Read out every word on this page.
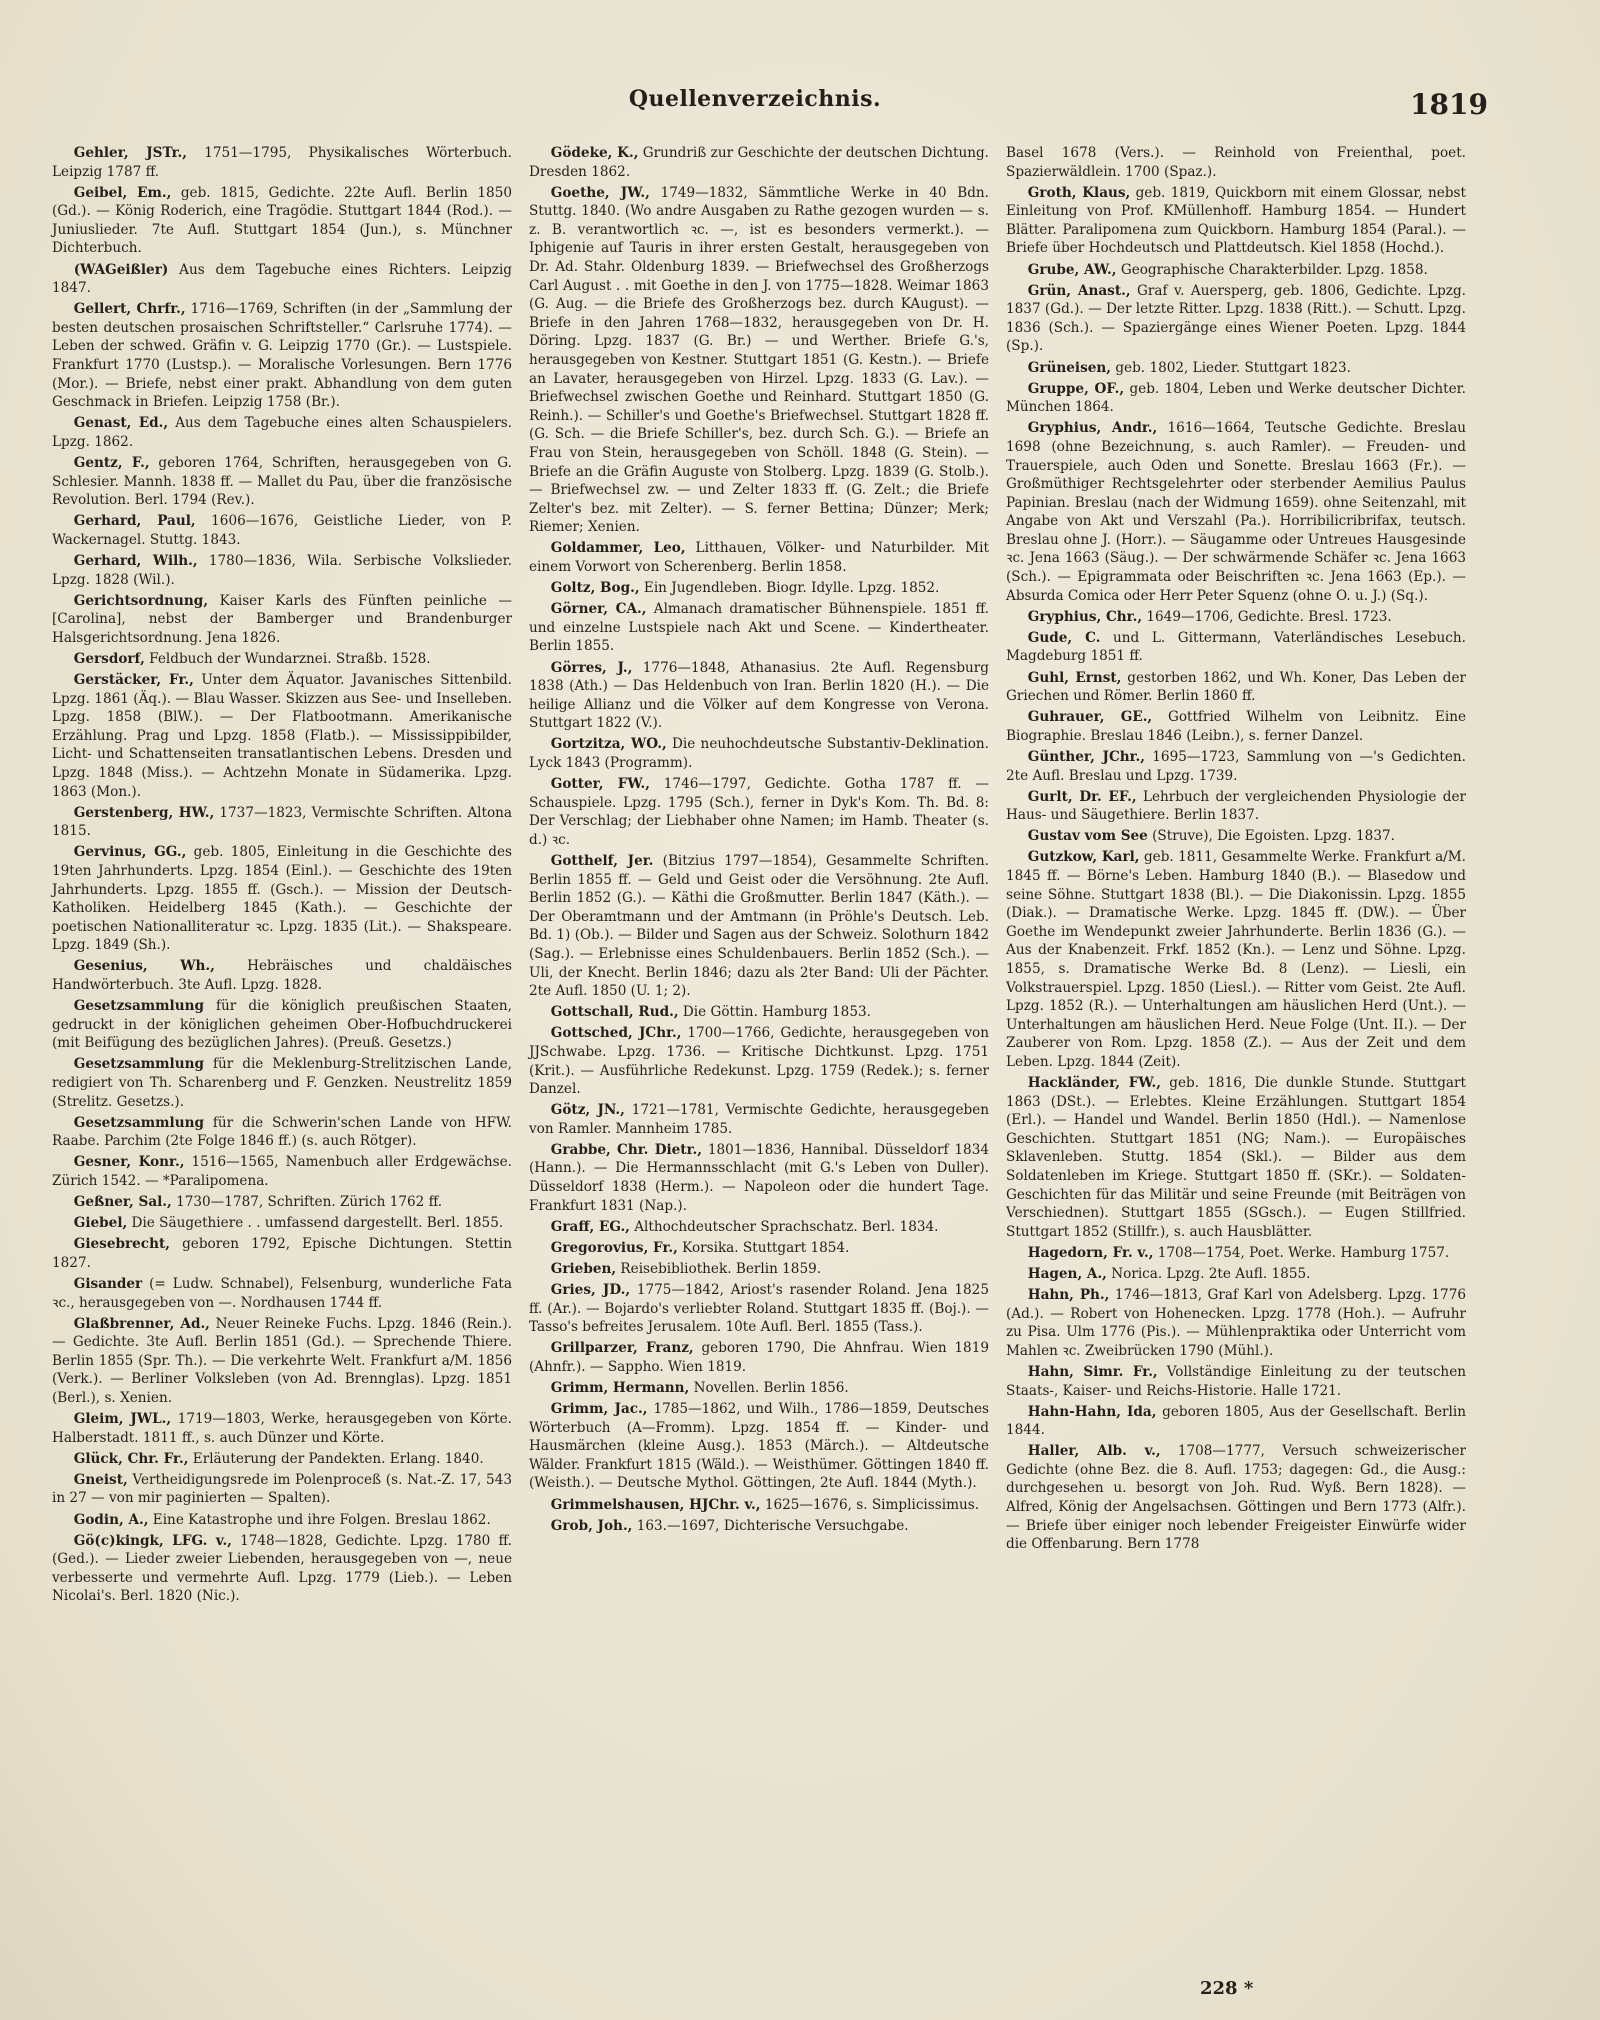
Quellenverzeichnis.	1819

Gehler, JSTr., 1751—1795, Physikalisches Wörterbuch. Leipzig 1787 ff.

Geibel, Em., geb. 1815, Gedichte. 22te Aufl. Berlin 1850 (Gd.). — König Roderich, eine Tragödie. Stuttgart 1844 (Rod.). — Juniuslieder. 7te Aufl. Stuttgart 1854 (Jun.), s. Münchner Dichterbuch.

(WAGeißler) Aus dem Tagebuche eines Richters. Leipzig 1847.

Gellert, Chrfr., 1716—1769, Schriften (in der „Sammlung der besten deutschen prosaischen Schriftsteller.“ Carlsruhe 1774). — Leben der schwed. Gräfin v. G. Leipzig 1770 (Gr.). — Lustspiele. Frankfurt 1770 (Lustsp.). — Moralische Vorlesungen. Bern 1776 (Mor.). — Briefe, nebst einer prakt. Abhandlung von dem guten Geschmack in Briefen. Leipzig 1758 (Br.).

Genast, Ed., Aus dem Tagebuche eines alten Schauspielers. Lpzg. 1862.

Gentz, F., geboren 1764, Schriften, herausgegeben von G. Schlesier. Mannh. 1838 ff. — Mallet du Pau, über die französische Revolution. Berl. 1794 (Rev.).

Gerhard, Paul, 1606—1676, Geistliche Lieder, von P. Wackernagel. Stuttg. 1843.

Gerhard, Wilh., 1780—1836, Wila. Serbische Volkslieder. Lpzg. 1828 (Wil.).

Gerichtsordnung, Kaiser Karls des Fünften peinliche — [Carolina], nebst der Bamberger und Brandenburger Halsgerichtsordnung. Jena 1826.

Gersdorf, Feldbuch der Wundarznei. Straßb. 1528.

Gerstäcker, Fr., Unter dem Äquator. Javanisches Sittenbild. Lpzg. 1861 (Äq.). — Blau Wasser. Skizzen aus See- und Inselleben. Lpzg. 1858 (BlW.). — Der Flatbootmann. Amerikanische Erzählung. Prag und Lpzg. 1858 (Flatb.). — Mississippibilder, Licht- und Schattenseiten transatlantischen Lebens. Dresden und Lpzg. 1848 (Miss.). — Achtzehn Monate in Südamerika. Lpzg. 1863 (Mon.).

Gerstenberg, HW., 1737—1823, Vermischte Schriften. Altona 1815.

Gervinus, GG., geb. 1805, Einleitung in die Geschichte des 19ten Jahrhunderts. Lpzg. 1854 (Einl.). — Geschichte des 19ten Jahrhunderts. Lpzg. 1855 ff. (Gsch.). — Mission der Deutsch-Katholiken. Heidelberg 1845 (Kath.). — Geschichte der poetischen Nationalliteratur ꝛc. Lpzg. 1835 (Lit.). — Shakspeare. Lpzg. 1849 (Sh.).

Gesenius, Wh., Hebräisches und chaldäisches Handwörterbuch. 3te Aufl. Lpzg. 1828.

Gesetzsammlung für die königlich preußischen Staaten, gedruckt in der königlichen geheimen Ober-Hofbuchdruckerei (mit Beifügung des bezüglichen Jahres). (Preuß. Gesetzs.)

Gesetzsammlung für die Meklenburg-Strelitzischen Lande, redigiert von Th. Scharenberg und F. Genzken. Neustrelitz 1859 (Strelitz. Gesetzs.).

Gesetzsammlung für die Schwerin'schen Lande von HFW. Raabe. Parchim (2te Folge 1846 ff.) (s. auch Rötger).

Gesner, Konr., 1516—1565, Namenbuch aller Erdgewächse. Zürich 1542. — *Paralipomena.

Geßner, Sal., 1730—1787, Schriften. Zürich 1762 ff.

Giebel, Die Säugethiere . . umfassend dargestellt. Berl. 1855.

Giesebrecht, geboren 1792, Epische Dichtungen. Stettin 1827.

Gisander (= Ludw. Schnabel), Felsenburg, wunderliche Fata ꝛc., herausgegeben von —. Nordhausen 1744 ff.

Glaßbrenner, Ad., Neuer Reineke Fuchs. Lpzg. 1846 (Rein.). — Gedichte. 3te Aufl. Berlin 1851 (Gd.). — Sprechende Thiere. Berlin 1855 (Spr. Th.). — Die verkehrte Welt. Frankfurt a/M. 1856 (Verk.). — Berliner Volksleben (von Ad. Brennglas). Lpzg. 1851 (Berl.), s. Xenien.

Gleim, JWL., 1719—1803, Werke, herausgegeben von Körte. Halberstadt. 1811 ff., s. auch Dünzer und Körte.

Glück, Chr. Fr., Erläuterung der Pandekten. Erlang. 1840.

Gneist, Vertheidigungsrede im Polenproceß (s. Nat.-Z. 17, 543 in 27 — von mir paginierten — Spalten).

Godin, A., Eine Katastrophe und ihre Folgen. Breslau 1862.

Gö(c)kingk, LFG. v., 1748—1828, Gedichte. Lpzg. 1780 ff. (Ged.). — Lieder zweier Liebenden, herausgegeben von —, neue verbesserte und vermehrte Aufl. Lpzg. 1779 (Lieb.). — Leben Nicolai's. Berl. 1820 (Nic.).

Gödeke, K., Grundriß zur Geschichte der deutschen Dichtung. Dresden 1862.

Goethe, JW., 1749—1832, Sämmtliche Werke in 40 Bdn. Stuttg. 1840. (Wo andre Ausgaben zu Rathe gezogen wurden — s. z. B. verantwortlich ꝛc. —, ist es besonders vermerkt.). — Iphigenie auf Tauris in ihrer ersten Gestalt, herausgegeben von Dr. Ad. Stahr. Oldenburg 1839. — Briefwechsel des Großherzogs Carl August . . mit Goethe in den J. von 1775—1828. Weimar 1863 (G. Aug. — die Briefe des Großherzogs bez. durch KAugust). — Briefe in den Jahren 1768—1832, herausgegeben von Dr. H. Döring. Lpzg. 1837 (G. Br.) — und Werther. Briefe G.'s, herausgegeben von Kestner. Stuttgart 1851 (G. Kestn.). — Briefe an Lavater, herausgegeben von Hirzel. Lpzg. 1833 (G. Lav.). — Briefwechsel zwischen Goethe und Reinhard. Stuttgart 1850 (G. Reinh.). — Schiller's und Goethe's Briefwechsel. Stuttgart 1828 ff. (G. Sch. — die Briefe Schiller's, bez. durch Sch. G.). — Briefe an Frau von Stein, herausgegeben von Schöll. 1848 (G. Stein). — Briefe an die Gräfin Auguste von Stolberg. Lpzg. 1839 (G. Stolb.). — Briefwechsel zw. — und Zelter 1833 ff. (G. Zelt.; die Briefe Zelter's bez. mit Zelter). — S. ferner Bettina; Dünzer; Merk; Riemer; Xenien.

Goldammer, Leo, Litthauen, Völker- und Naturbilder. Mit einem Vorwort von Scherenberg. Berlin 1858.

Goltz, Bog., Ein Jugendleben. Biogr. Idylle. Lpzg. 1852.

Görner, CA., Almanach dramatischer Bühnenspiele. 1851 ff. und einzelne Lustspiele nach Akt und Scene. — Kindertheater. Berlin 1855.

Görres, J., 1776—1848, Athanasius. 2te Aufl. Regensburg 1838 (Ath.) — Das Heldenbuch von Iran. Berlin 1820 (H.). — Die heilige Allianz und die Völker auf dem Kongresse von Verona. Stuttgart 1822 (V.).

Gortzitza, WO., Die neuhochdeutsche Substantiv-Deklination. Lyck 1843 (Programm).

Gotter, FW., 1746—1797, Gedichte. Gotha 1787 ff. — Schauspiele. Lpzg. 1795 (Sch.), ferner in Dyk's Kom. Th. Bd. 8: Der Verschlag; der Liebhaber ohne Namen; im Hamb. Theater (s. d.) ꝛc.

Gotthelf, Jer. (Bitzius 1797—1854), Gesammelte Schriften. Berlin 1855 ff. — Geld und Geist oder die Versöhnung. 2te Aufl. Berlin 1852 (G.). — Käthi die Großmutter. Berlin 1847 (Käth.). — Der Oberamtmann und der Amtmann (in Pröhle's Deutsch. Leb. Bd. 1) (Ob.). — Bilder und Sagen aus der Schweiz. Solothurn 1842 (Sag.). — Erlebnisse eines Schuldenbauers. Berlin 1852 (Sch.). — Uli, der Knecht. Berlin 1846; dazu als 2ter Band: Uli der Pächter. 2te Aufl. 1850 (U. 1; 2).

Gottschall, Rud., Die Göttin. Hamburg 1853.

Gottsched, JChr., 1700—1766, Gedichte, herausgegeben von JJSchwabe. Lpzg. 1736. — Kritische Dichtkunst. Lpzg. 1751 (Krit.). — Ausführliche Redekunst. Lpzg. 1759 (Redek.); s. ferner Danzel.

Götz, JN., 1721—1781, Vermischte Gedichte, herausgegeben von Ramler. Mannheim 1785.

Grabbe, Chr. Dietr., 1801—1836, Hannibal. Düsseldorf 1834 (Hann.). — Die Hermannsschlacht (mit G.'s Leben von Duller). Düsseldorf 1838 (Herm.). — Napoleon oder die hundert Tage. Frankfurt 1831 (Nap.).

Graff, EG., Althochdeutscher Sprachschatz. Berl. 1834.

Gregorovius, Fr., Korsika. Stuttgart 1854.

Grieben, Reisebibliothek. Berlin 1859.

Gries, JD., 1775—1842, Ariost's rasender Roland. Jena 1825 ff. (Ar.). — Bojardo's verliebter Roland. Stuttgart 1835 ff. (Boj.). — Tasso's befreites Jerusalem. 10te Aufl. Berl. 1855 (Tass.).

Grillparzer, Franz, geboren 1790, Die Ahnfrau. Wien 1819 (Ahnfr.). — Sappho. Wien 1819.

Grimm, Hermann, Novellen. Berlin 1856.

Grimm, Jac., 1785—1862, und Wilh., 1786—1859, Deutsches Wörterbuch (A—Fromm). Lpzg. 1854 ff. — Kinder- und Hausmärchen (kleine Ausg.). 1853 (Märch.). — Altdeutsche Wälder. Frankfurt 1815 (Wäld.). — Weisthümer. Göttingen 1840 ff. (Weisth.). — Deutsche Mythol. Göttingen, 2te Aufl. 1844 (Myth.).

Grimmelshausen, HJChr. v., 1625—1676, s. Simplicissimus.

Grob, Joh., 163.—1697, Dichterische Versuchgabe.

Basel 1678 (Vers.). — Reinhold von Freienthal, poet. Spazierwäldlein. 1700 (Spaz.).

Groth, Klaus, geb. 1819, Quickborn mit einem Glossar, nebst Einleitung von Prof. KMüllenhoff. Hamburg 1854. — Hundert Blätter. Paralipomena zum Quickborn. Hamburg 1854 (Paral.). — Briefe über Hochdeutsch und Plattdeutsch. Kiel 1858 (Hochd.).

Grube, AW., Geographische Charakterbilder. Lpzg. 1858.

Grün, Anast., Graf v. Auersperg, geb. 1806, Gedichte. Lpzg. 1837 (Gd.). — Der letzte Ritter. Lpzg. 1838 (Ritt.). — Schutt. Lpzg. 1836 (Sch.). — Spaziergänge eines Wiener Poeten. Lpzg. 1844 (Sp.).

Grüneisen, geb. 1802, Lieder. Stuttgart 1823.

Gruppe, OF., geb. 1804, Leben und Werke deutscher Dichter. München 1864.

Gryphius, Andr., 1616—1664, Teutsche Gedichte. Breslau 1698 (ohne Bezeichnung, s. auch Ramler). — Freuden- und Trauerspiele, auch Oden und Sonette. Breslau 1663 (Fr.). — Großmüthiger Rechtsgelehrter oder sterbender Aemilius Paulus Papinian. Breslau (nach der Widmung 1659). ohne Seitenzahl, mit Angabe von Akt und Verszahl (Pa.). Horribilicribrifax, teutsch. Breslau ohne J. (Horr.). — Säugamme oder Untreues Hausgesinde ꝛc. Jena 1663 (Säug.). — Der schwärmende Schäfer ꝛc. Jena 1663 (Sch.). — Epigrammata oder Beischriften ꝛc. Jena 1663 (Ep.). — Absurda Comica oder Herr Peter Squenz (ohne O. u. J.) (Sq.).

Gryphius, Chr., 1649—1706, Gedichte. Bresl. 1723.

Gude, C. und L. Gittermann, Vaterländisches Lesebuch. Magdeburg 1851 ff.

Guhl, Ernst, gestorben 1862, und Wh. Koner, Das Leben der Griechen und Römer. Berlin 1860 ff.

Guhrauer, GE., Gottfried Wilhelm von Leibnitz. Eine Biographie. Breslau 1846 (Leibn.), s. ferner Danzel.

Günther, JChr., 1695—1723, Sammlung von —'s Gedichten. 2te Aufl. Breslau und Lpzg. 1739.

Gurlt, Dr. EF., Lehrbuch der vergleichenden Physiologie der Haus- und Säugethiere. Berlin 1837.

Gustav vom See (Struve), Die Egoisten. Lpzg. 1837.

Gutzkow, Karl, geb. 1811, Gesammelte Werke. Frankfurt a/M. 1845 ff. — Börne's Leben. Hamburg 1840 (B.). — Blasedow und seine Söhne. Stuttgart 1838 (Bl.). — Die Diakonissin. Lpzg. 1855 (Diak.). — Dramatische Werke. Lpzg. 1845 ff. (DW.). — Über Goethe im Wendepunkt zweier Jahrhunderte. Berlin 1836 (G.). — Aus der Knabenzeit. Frkf. 1852 (Kn.). — Lenz und Söhne. Lpzg. 1855, s. Dramatische Werke Bd. 8 (Lenz). — Liesli, ein Volkstrauerspiel. Lpzg. 1850 (Liesl.). — Ritter vom Geist. 2te Aufl. Lpzg. 1852 (R.). — Unterhaltungen am häuslichen Herd (Unt.). — Unterhaltungen am häuslichen Herd. Neue Folge (Unt. II.). — Der Zauberer von Rom. Lpzg. 1858 (Z.). — Aus der Zeit und dem Leben. Lpzg. 1844 (Zeit).

Hackländer, FW., geb. 1816, Die dunkle Stunde. Stuttgart 1863 (DSt.). — Erlebtes. Kleine Erzählungen. Stuttgart 1854 (Erl.). — Handel und Wandel. Berlin 1850 (Hdl.). — Namenlose Geschichten. Stuttgart 1851 (NG; Nam.). — Europäisches Sklavenleben. Stuttg. 1854 (Skl.). — Bilder aus dem Soldatenleben im Kriege. Stuttgart 1850 ff. (SKr.). — Soldaten-Geschichten für das Militär und seine Freunde (mit Beiträgen von Verschiednen). Stuttgart 1855 (SGsch.). — Eugen Stillfried. Stuttgart 1852 (Stillfr.), s. auch Hausblätter.

Hagedorn, Fr. v., 1708—1754, Poet. Werke. Hamburg 1757.

Hagen, A., Norica. Lpzg. 2te Aufl. 1855.

Hahn, Ph., 1746—1813, Graf Karl von Adelsberg. Lpzg. 1776 (Ad.). — Robert von Hohenecken. Lpzg. 1778 (Hoh.). — Aufruhr zu Pisa. Ulm 1776 (Pis.). — Mühlenpraktika oder Unterricht vom Mahlen ꝛc. Zweibrücken 1790 (Mühl.).

Hahn, Simr. Fr., Vollständige Einleitung zu der teutschen Staats-, Kaiser- und Reichs-Historie. Halle 1721.

Hahn-Hahn, Ida, geboren 1805, Aus der Gesellschaft. Berlin 1844.

Haller, Alb. v., 1708—1777, Versuch schweizerischer Gedichte (ohne Bez. die 8. Aufl. 1753; dagegen: Gd., die Ausg.: durchgesehen u. besorgt von Joh. Rud. Wyß. Bern 1828). — Alfred, König der Angelsachsen. Göttingen und Bern 1773 (Alfr.). — Briefe über einiger noch lebender Freigeister Einwürfe wider die Offenbarung. Bern 1778

228 *
